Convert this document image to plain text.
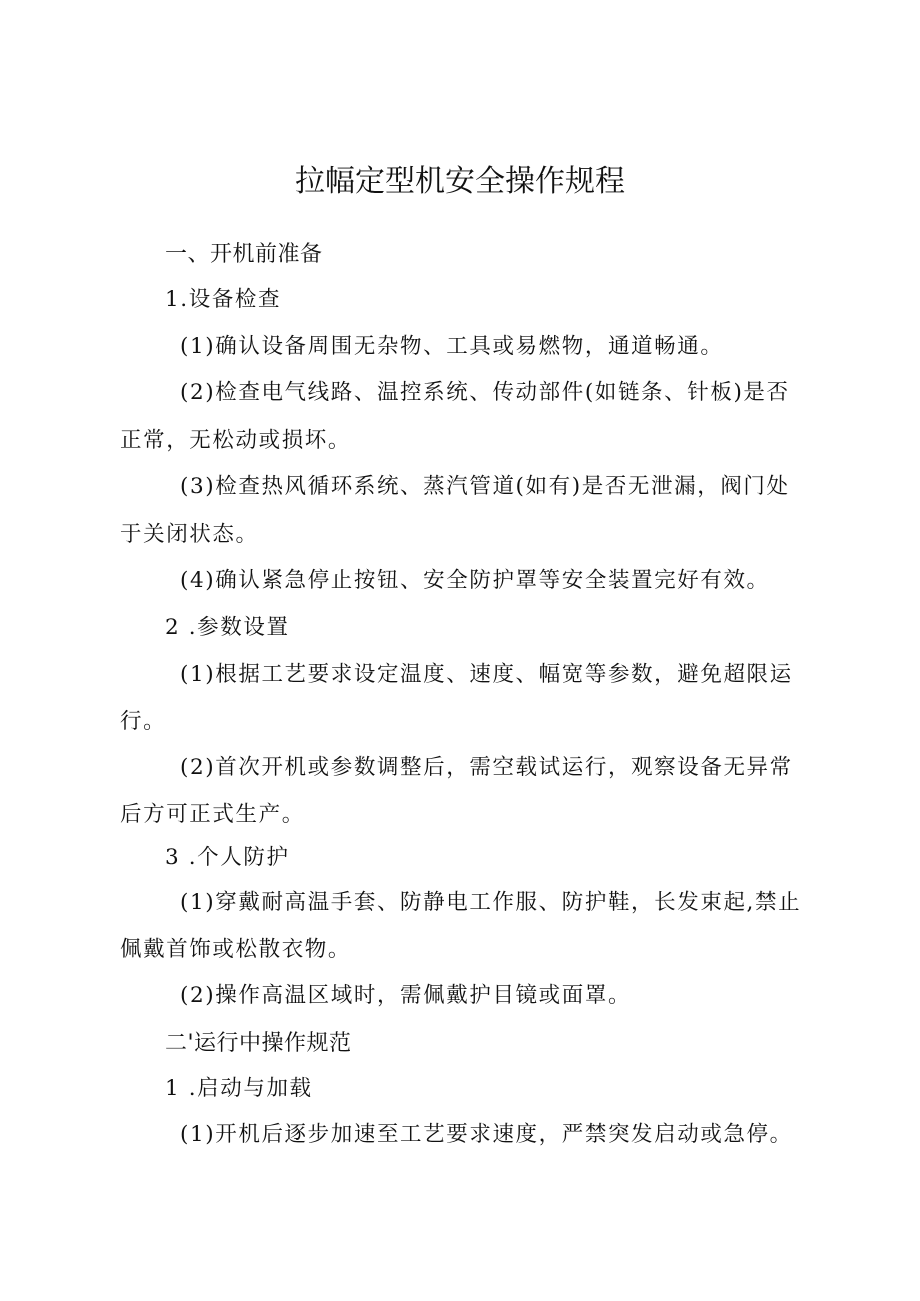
拉幅定型机安全操作规程
一、开机前准备
1.设备检查
(1)确认设备周围无杂物、工具或易燃物，通道畅通。
(2)检查电气线路、温控系统、传动部件(如链条、针板)是否
正常，无松动或损坏。
(3)检查热风循环系统、蒸汽管道(如有)是否无泄漏，阀门处
于关闭状态。
(4)确认紧急停止按钮、安全防护罩等安全装置完好有效。
2 .参数设置
(1)根据工艺要求设定温度、速度、幅宽等参数，避免超限运
行。
(2)首次开机或参数调整后，需空载试运行，观察设备无异常
后方可正式生产。
3 .个人防护
(1)穿戴耐高温手套、防静电工作服、防护鞋，长发束起,禁止
佩戴首饰或松散衣物。
(2)操作高温区域时，需佩戴护目镜或面罩。
二'运行中操作规范
1 .启动与加载
(1)开机后逐步加速至工艺要求速度，严禁突发启动或急停。
